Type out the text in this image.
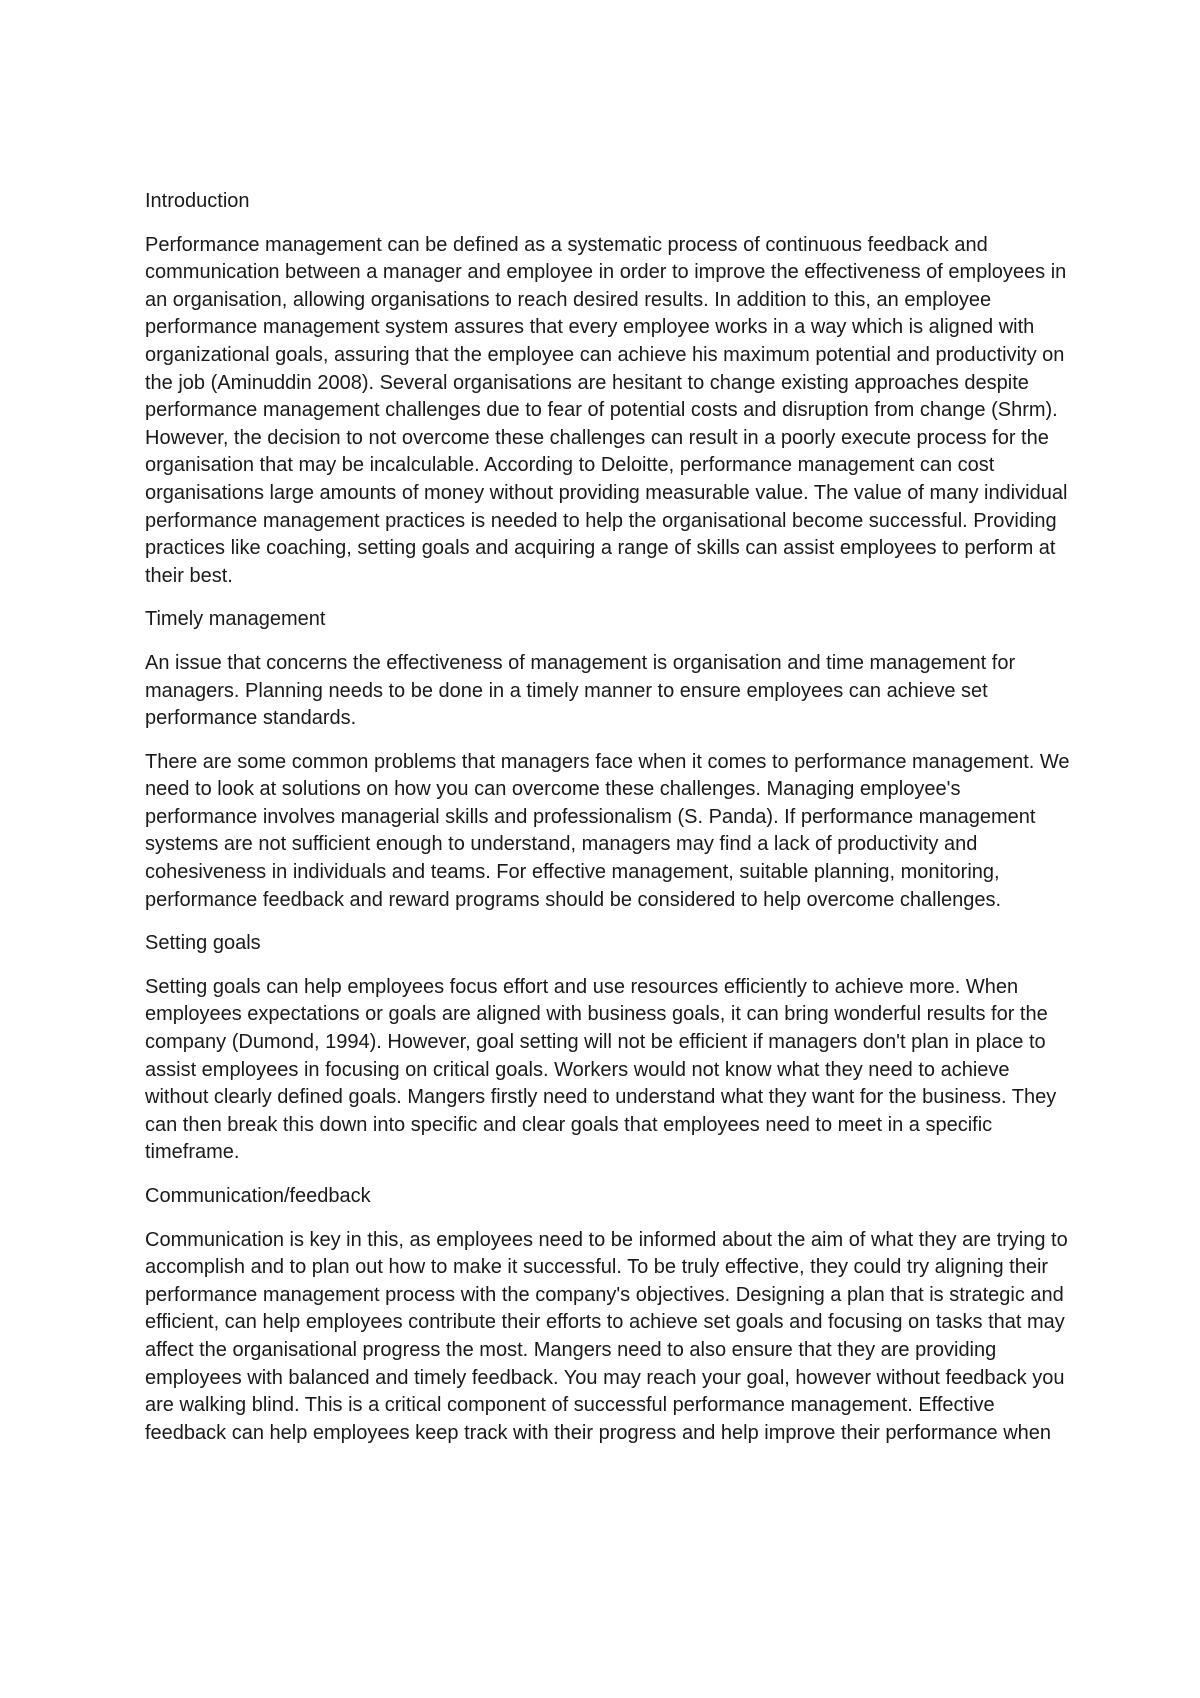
Introduction

Performance management can be defined as a systematic process of continuous feedback and communication between a manager and employee in order to improve the effectiveness of employees in an organisation, allowing organisations to reach desired results. In addition to this, an employee performance management system assures that every employee works in a way which is aligned with organizational goals, assuring that the employee can achieve his maximum potential and productivity on the job (Aminuddin 2008). Several organisations are hesitant to change existing approaches despite performance management challenges due to fear of potential costs and disruption from change (Shrm). However, the decision to not overcome these challenges can result in a poorly execute process for the organisation that may be incalculable. According to Deloitte, performance management can cost organisations large amounts of money without providing measurable value. The value of many individual performance management practices is needed to help the organisational become successful. Providing practices like coaching, setting goals and acquiring a range of skills can assist employees to perform at their best.

Timely management

An issue that concerns the effectiveness of management is organisation and time management for managers. Planning needs to be done in a timely manner to ensure employees can achieve set performance standards.

There are some common problems that managers face when it comes to performance management. We need to look at solutions on how you can overcome these challenges. Managing employee's performance involves managerial skills and professionalism (S. Panda). If performance management systems are not sufficient enough to understand, managers may find a lack of productivity and cohesiveness in individuals and teams. For effective management, suitable planning, monitoring, performance feedback and reward programs should be considered to help overcome challenges.

Setting goals

Setting goals can help employees focus effort and use resources efficiently to achieve more. When employees expectations or goals are aligned with business goals, it can bring wonderful results for the company (Dumond, 1994). However, goal setting will not be efficient if managers don't plan in place to assist employees in focusing on critical goals. Workers would not know what they need to achieve without clearly defined goals. Mangers firstly need to understand what they want for the business. They can then break this down into specific and clear goals that employees need to meet in a specific timeframe.

Communication/feedback

Communication is key in this, as employees need to be informed about the aim of what they are trying to accomplish and to plan out how to make it successful. To be truly effective, they could try aligning their performance management process with the company's objectives. Designing a plan that is strategic and efficient, can help employees contribute their efforts to achieve set goals and focusing on tasks that may affect the organisational progress the most. Mangers need to also ensure that they are providing employees with balanced and timely feedback. You may reach your goal, however without feedback you are walking blind. This is a critical component of successful performance management. Effective feedback can help employees keep track with their progress and help improve their performance when
